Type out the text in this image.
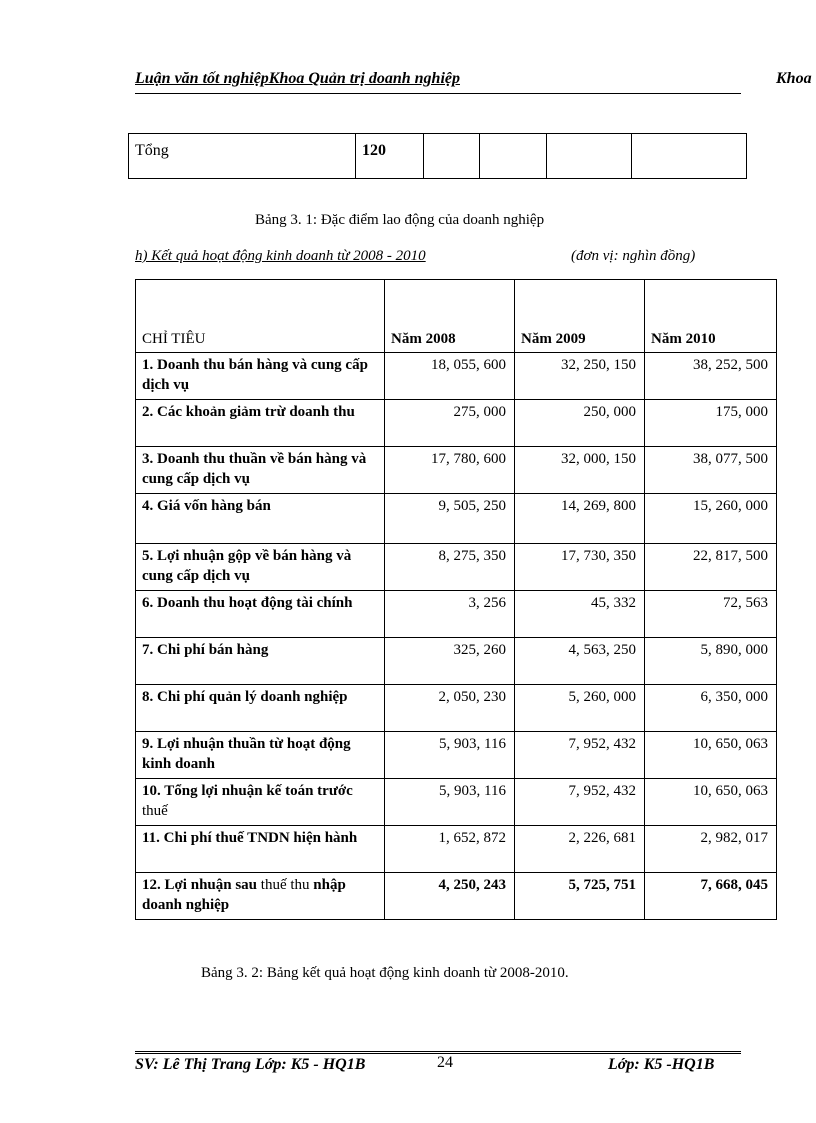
Luận văn tốt nghiệpKhoa Quản trị doanh nghiệp	Khoa
Tổng	120				
Bảng 3. 1: Đặc điểm lao động của doanh nghiệp
h) Kết quả hoạt động kinh doanh từ 2008 - 2010	(đơn vị: nghìn đồng)
CHỈ TIÊU	Năm 2008	Năm 2009	Năm 2010
1. Doanh thu bán hàng và cung cấp dịch vụ	18, 055, 600	32, 250, 150	38, 252, 500
2. Các khoản giảm trừ doanh thu	275, 000	250, 000	175, 000
3. Doanh thu thuần về bán hàng và cung cấp dịch vụ	17, 780, 600	32, 000, 150	38, 077, 500
4. Giá vốn hàng bán	9, 505, 250	14, 269, 800	15, 260, 000
5. Lợi nhuận gộp về bán hàng và cung cấp dịch vụ	8, 275, 350	17, 730, 350	22, 817, 500
6. Doanh thu hoạt động tài chính	3, 256	45, 332	72, 563
7. Chi phí bán hàng	325, 260	4, 563, 250	5, 890, 000
8. Chi phí quản lý doanh nghiệp	2, 050, 230	5, 260, 000	6, 350, 000
9. Lợi nhuận thuần từ hoạt động kinh doanh	5, 903, 116	7, 952, 432	10, 650, 063
10. Tổng lợi nhuận kế toán trước thuế	5, 903, 116	7, 952, 432	10, 650, 063
11. Chi phí thuế TNDN hiện hành	1, 652, 872	2, 226, 681	2, 982, 017
12. Lợi nhuận sau thuế thu nhập doanh nghiệp	4, 250, 243	5, 725, 751	7, 668, 045
Bảng 3. 2: Bảng kết quả hoạt động kinh doanh từ 2008-2010.
SV: Lê Thị Trang Lớp: K5 - HQ1B	24	Lớp: K5 -HQ1B
